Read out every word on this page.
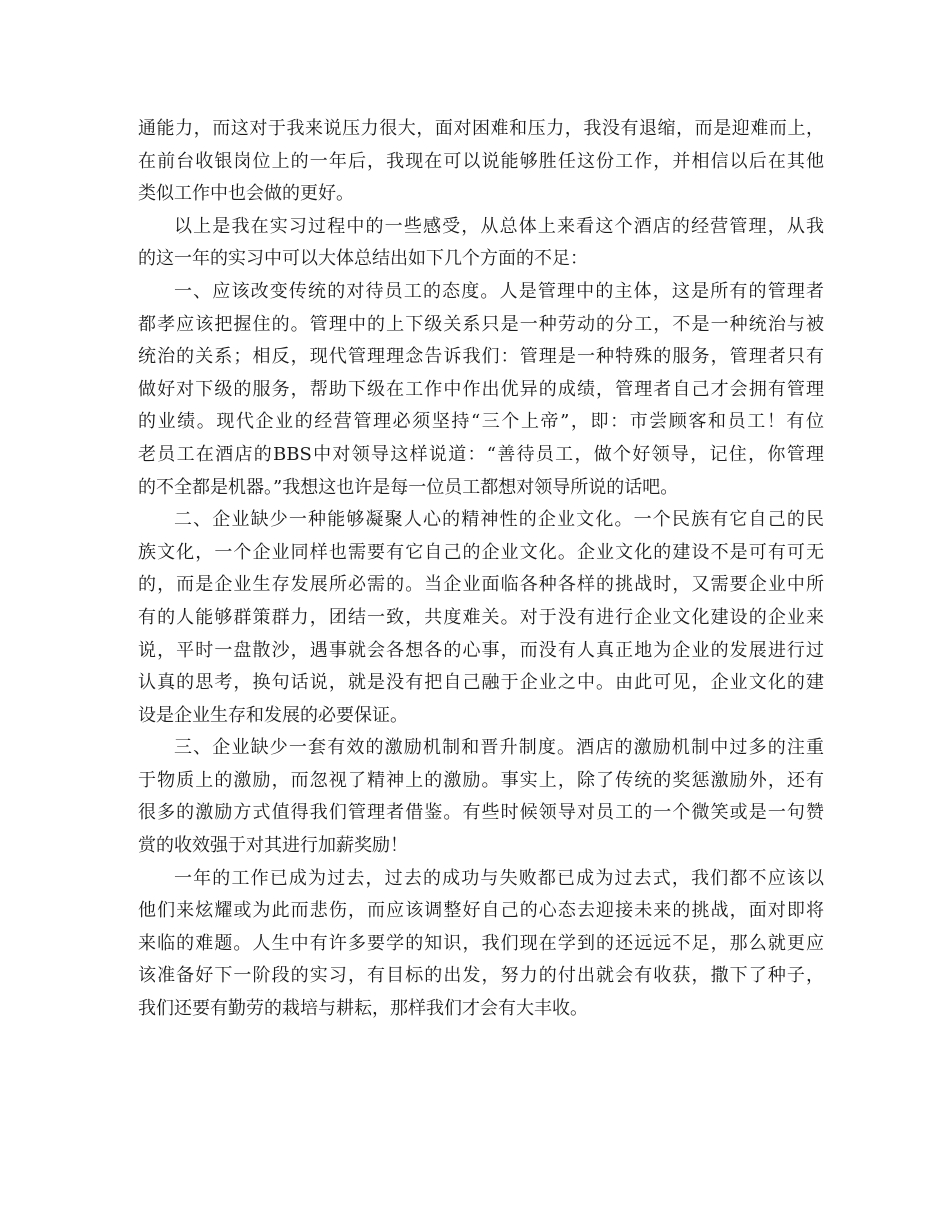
通能力，而这对于我来说压力很大，面对困难和压力，我没有退缩，而是迎难而上，
在前台收银岗位上的一年后，我现在可以说能够胜任这份工作，并相信以后在其他
类似工作中也会做的更好。
以上是我在实习过程中的一些感受，从总体上来看这个酒店的经营管理，从我
的这一年的实习中可以大体总结出如下几个方面的不足：
一、应该改变传统的对待员工的态度。人是管理中的主体，这是所有的管理者
都孝应该把握住的。管理中的上下级关系只是一种劳动的分工，不是一种统治与被
统治的关系；相反，现代管理理念告诉我们：管理是一种特殊的服务，管理者只有
做好对下级的服务，帮助下级在工作中作出优异的成绩，管理者自己才会拥有管理
的业绩。现代企业的经营管理必须坚持“三个上帝”，即：市尝顾客和员工！有位
老员工在酒店的BBS中对领导这样说道：“善待员工，做个好领导，记住，你管理
的不全都是机器。”我想这也许是每一位员工都想对领导所说的话吧。
二、企业缺少一种能够凝聚人心的精神性的企业文化。一个民族有它自己的民
族文化，一个企业同样也需要有它自己的企业文化。企业文化的建设不是可有可无
的，而是企业生存发展所必需的。当企业面临各种各样的挑战时，又需要企业中所
有的人能够群策群力，团结一致，共度难关。对于没有进行企业文化建设的企业来
说，平时一盘散沙，遇事就会各想各的心事，而没有人真正地为企业的发展进行过
认真的思考，换句话说，就是没有把自己融于企业之中。由此可见，企业文化的建
设是企业生存和发展的必要保证。
三、企业缺少一套有效的激励机制和晋升制度。酒店的激励机制中过多的注重
于物质上的激励，而忽视了精神上的激励。事实上，除了传统的奖惩激励外，还有
很多的激励方式值得我们管理者借鉴。有些时候领导对员工的一个微笑或是一句赞
赏的收效强于对其进行加薪奖励！
一年的工作已成为过去，过去的成功与失败都已成为过去式，我们都不应该以
他们来炫耀或为此而悲伤，而应该调整好自己的心态去迎接未来的挑战，面对即将
来临的难题。人生中有许多要学的知识，我们现在学到的还远远不足，那么就更应
该准备好下一阶段的实习，有目标的出发，努力的付出就会有收获，撒下了种子，
我们还要有勤劳的栽培与耕耘，那样我们才会有大丰收。
